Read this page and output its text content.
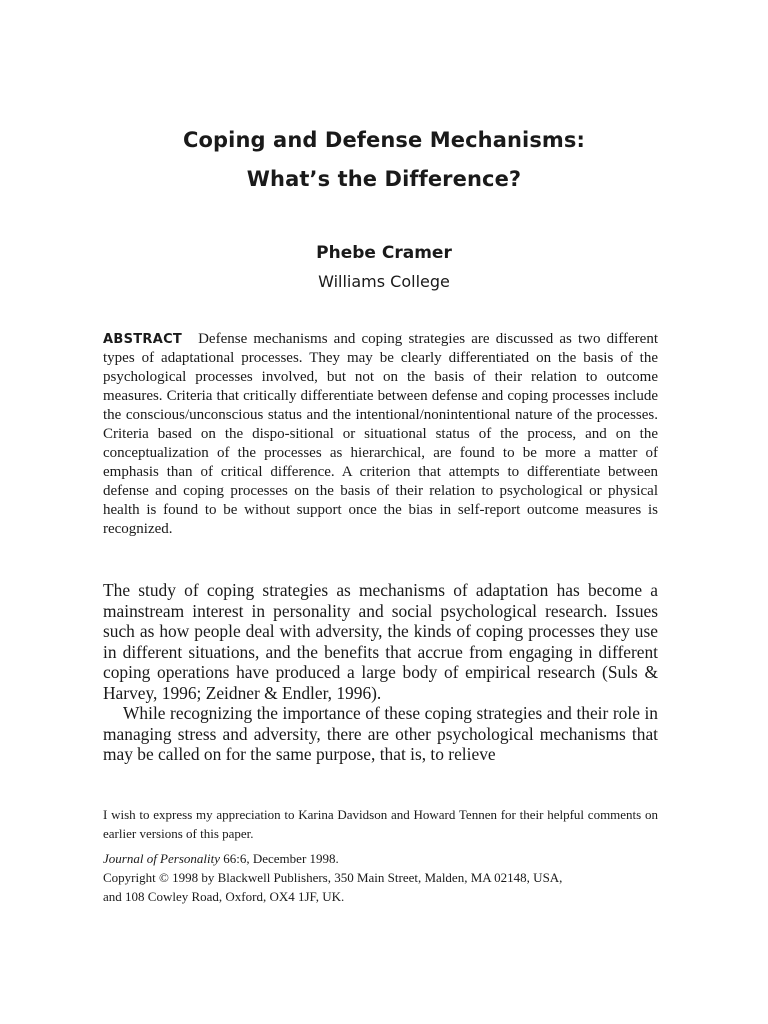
Coping and Defense Mechanisms:
What’s the Difference?
Phebe Cramer
Williams College

ABSTRACT Defense mechanisms and coping strategies are discussed as two different types of adaptational processes. They may be clearly differentiated on the basis of the psychological processes involved, but not on the basis of their relation to outcome measures. Criteria that critically differentiate between defense and coping processes include the conscious/unconscious status and the intentional/nonintentional nature of the processes. Criteria based on the dispo-sitional or situational status of the process, and on the conceptualization of the processes as hierarchical, are found to be more a matter of emphasis than of critical difference. A criterion that attempts to differentiate between defense and coping processes on the basis of their relation to psychological or physical health is found to be without support once the bias in self-report outcome measures is recognized.

The study of coping strategies as mechanisms of adaptation has become a mainstream interest in personality and social psychological research. Issues such as how people deal with adversity, the kinds of coping processes they use in different situations, and the benefits that accrue from engaging in different coping operations have produced a large body of empirical research (Suls & Harvey, 1996; Zeidner & Endler, 1996).

While recognizing the importance of these coping strategies and their role in managing stress and adversity, there are other psychological mechanisms that may be called on for the same purpose, that is, to relieve

I wish to express my appreciation to Karina Davidson and Howard Tennen for their helpful comments on earlier versions of this paper.

Journal of Personality 66:6, December 1998.

Copyright © 1998 by Blackwell Publishers, 350 Main Street, Malden, MA 02148, USA,

and 108 Cowley Road, Oxford, OX4 1JF, UK.
